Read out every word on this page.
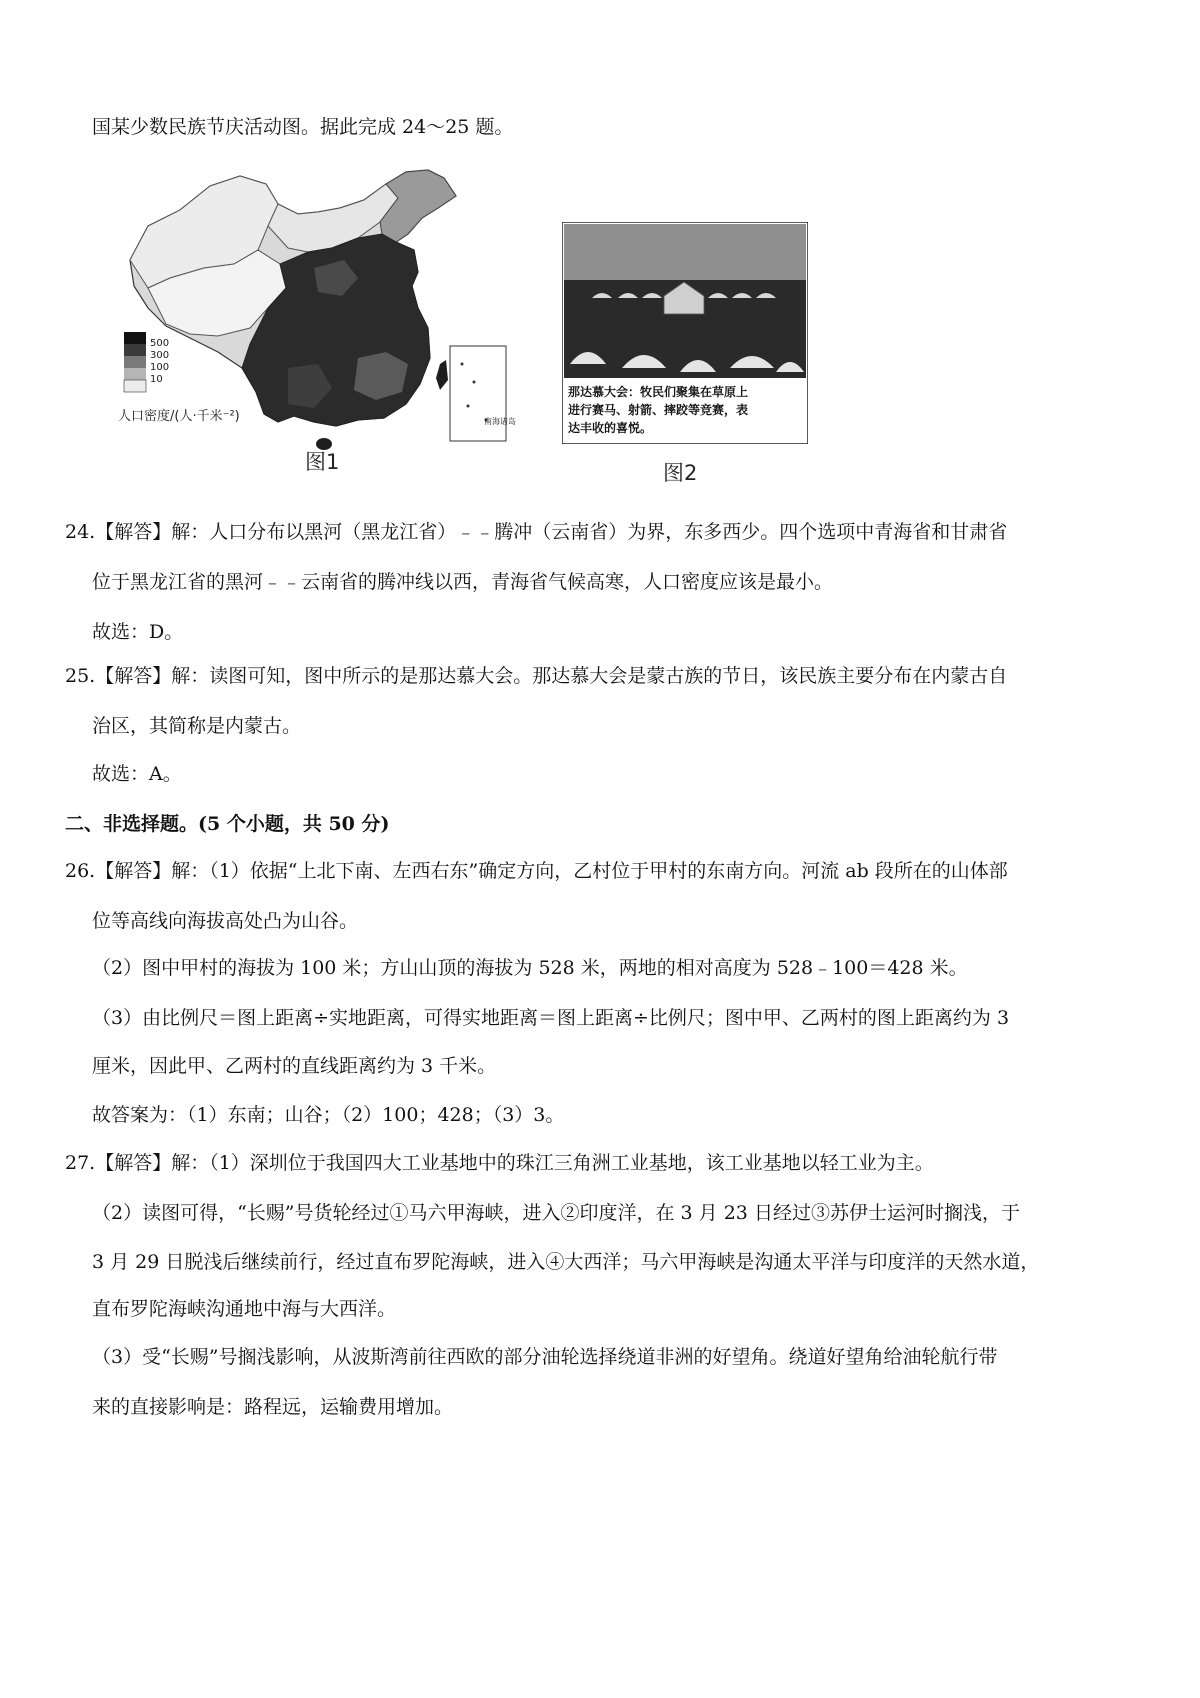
国某少数民族节庆活动图。据此完成 24～25 题。
南海诸岛
500
300
100
10
人口密度/(人·千米⁻²)
图1
那达慕大会：牧民们聚集在草原上
进行赛马、射箭、摔跤等竞赛，表
达丰收的喜悦。
图2
24.【解答】解：人口分布以黑河（黑龙江省）﹣﹣腾冲（云南省）为界，东多西少。四个选项中青海省和甘肃省
位于黑龙江省的黑河﹣﹣云南省的腾冲线以西，青海省气候高寒，人口密度应该是最小。
故选：D。
25.【解答】解：读图可知，图中所示的是那达慕大会。那达慕大会是蒙古族的节日，该民族主要分布在内蒙古自
治区，其简称是内蒙古。
故选：A。
二、非选择题。(5 个小题，共 50 分)
26.【解答】解：（1）依据“上北下南、左西右东”确定方向，乙村位于甲村的东南方向。河流 ab 段所在的山体部
位等高线向海拔高处凸为山谷。
（2）图中甲村的海拔为 100 米；方山山顶的海拔为 528 米，两地的相对高度为 528﹣100＝428 米。
（3）由比例尺＝图上距离÷实地距离，可得实地距离＝图上距离÷比例尺；图中甲、乙两村的图上距离约为 3
厘米，因此甲、乙两村的直线距离约为 3 千米。
故答案为：（1）东南；山谷；（2）100；428；（3）3。
27.【解答】解：（1）深圳位于我国四大工业基地中的珠江三角洲工业基地，该工业基地以轻工业为主。
（2）读图可得，“长赐”号货轮经过①马六甲海峡，进入②印度洋，在 3 月 23 日经过③苏伊士运河时搁浅，于
3 月 29 日脱浅后继续前行，经过直布罗陀海峡，进入④大西洋；马六甲海峡是沟通太平洋与印度洋的天然水道，
直布罗陀海峡沟通地中海与大西洋。
（3）受“长赐”号搁浅影响，从波斯湾前往西欧的部分油轮选择绕道非洲的好望角。绕道好望角给油轮航行带
来的直接影响是：路程远，运输费用增加。
